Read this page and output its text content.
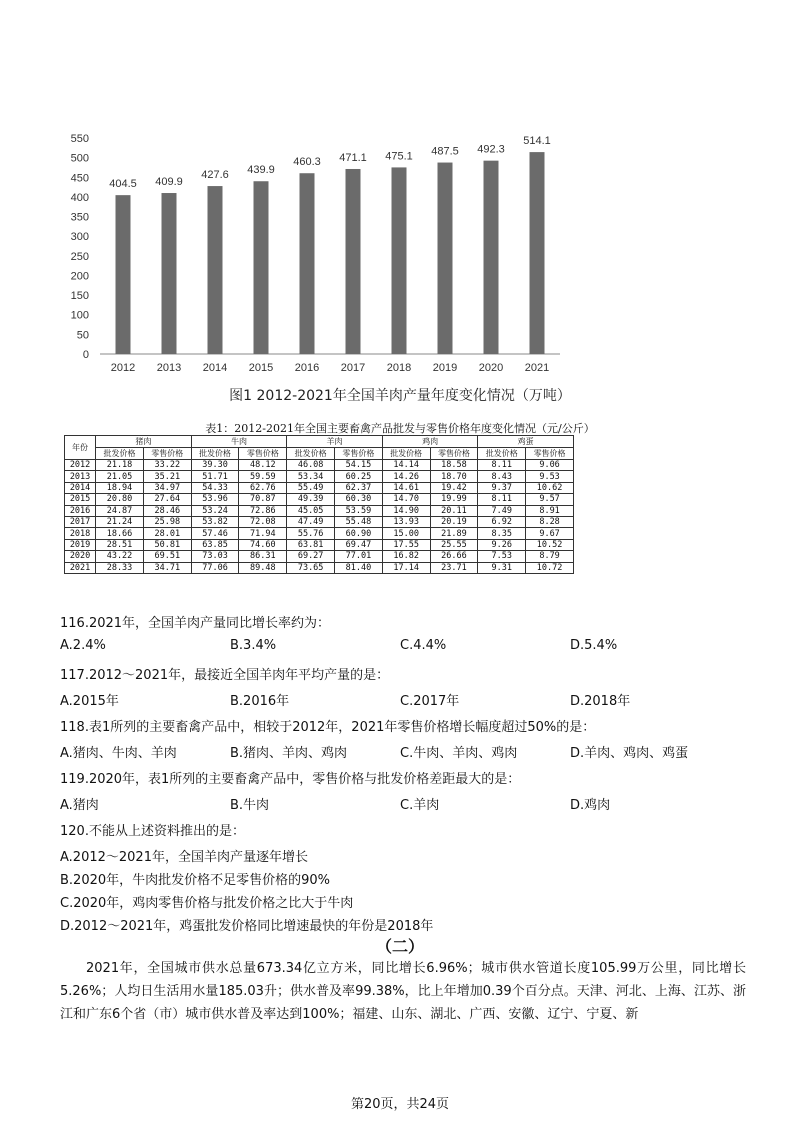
0
50
100
150
200
250
300
350
400
450
500
550
404.5 409.9
427.6 439.9
460.3 471.1 475.1 487.5 492.3
514.1
2012 2013 2014 2015 2016 2017 2018 2019 2020 2021
图1 2012-2021年全国羊肉产量年度变化情况（万吨）
表1：2012-2021年全国主要畜禽产品批发与零售价格年度变化情况（元/公斤）
年份	猪肉		牛肉		羊肉		鸡肉		鸡蛋	
	批发价格	零售价格	批发价格	零售价格	批发价格	零售价格	批发价格	零售价格	批发价格	零售价格
2012	21.18	33.22	39.30	48.12	46.08	54.15	14.14	18.58	8.11	9.06
2013	21.05	35.21	51.71	59.59	53.34	60.25	14.26	18.70	8.43	9.53
2014	18.94	34.97	54.33	62.76	55.49	62.37	14.61	19.42	9.37	10.62
2015	20.80	27.64	53.96	70.87	49.39	60.30	14.70	19.99	8.11	9.57
2016	24.87	28.46	53.24	72.86	45.05	53.59	14.90	20.11	7.49	8.91
2017	21.24	25.98	53.82	72.08	47.49	55.48	13.93	20.19	6.92	8.28
2018	18.66	28.01	57.46	71.94	55.76	60.90	15.00	21.89	8.35	9.67
2019	28.51	50.81	63.85	74.60	63.81	69.47	17.55	25.55	9.26	10.52
2020	43.22	69.51	73.03	86.31	69.27	77.01	16.82	26.66	7.53	8.79
2021	28.33	34.71	77.06	89.48	73.65	81.40	17.14	23.71	9.31	10.72
116.2021年，全国羊肉产量同比增长率约为：
A.2.4%	B.3.4%	C.4.4%	D.5.4%
117.2012～2021年，最接近全国羊肉年平均产量的是：
A.2015年	B.2016年	C.2017年	D.2018年
118.表1所列的主要畜禽产品中，相较于2012年，2021年零售价格增长幅度超过50%的是：
A.猪肉、牛肉、羊肉	B.猪肉、羊肉、鸡肉	C.牛肉、羊肉、鸡肉	D.羊肉、鸡肉、鸡蛋
119.2020年，表1所列的主要畜禽产品中，零售价格与批发价格差距最大的是：
A.猪肉	B.牛肉	C.羊肉	D.鸡肉
120.不能从上述资料推出的是：
A.2012～2021年，全国羊肉产量逐年增长
B.2020年，牛肉批发价格不足零售价格的90%
C.2020年，鸡肉零售价格与批发价格之比大于牛肉
D.2012～2021年，鸡蛋批发价格同比增速最快的年份是2018年
（二）
2021年，全国城市供水总量673.34亿立方米，同比增长6.96%；城市供水管道长度105.99万公里，同比增长5.26%；人均日生活用水量185.03升；供水普及率99.38%，比上年增加0.39个百分点。天津、河北、上海、江苏、浙江和广东6个省（市）城市供水普及率达到100%；福建、山东、湖北、广西、安徽、辽宁、宁夏、新
第20页，共24页
